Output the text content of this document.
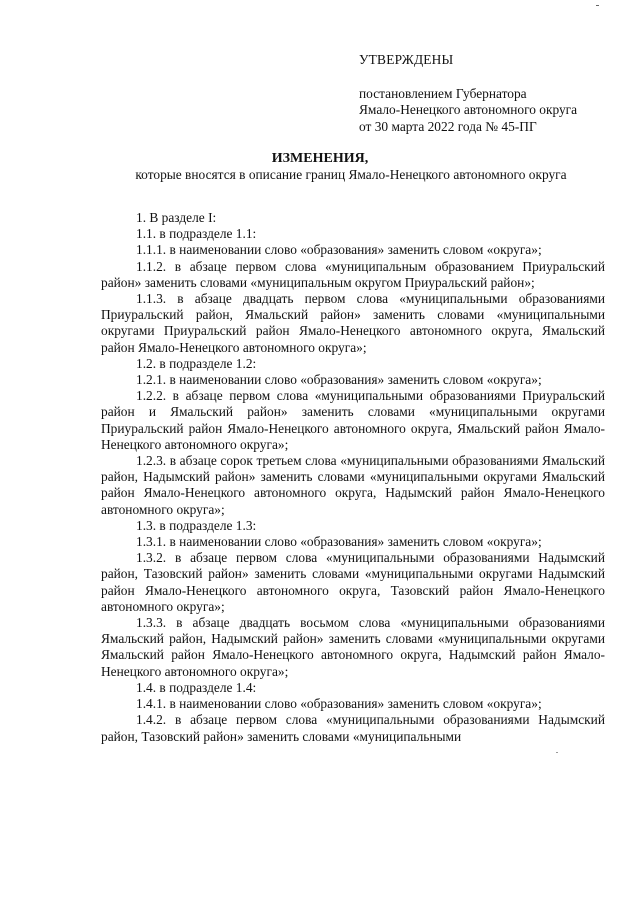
УТВЕРЖДЕНЫ
постановлением Губернатора
Ямало-Ненецкого автономного округа
от 30 марта 2022 года № 45-ПГ
ИЗМЕНЕНИЯ,
которые вносятся в описание границ Ямало-Ненецкого автономного округа

1. В разделе I:

1.1. в подразделе 1.1:

1.1.1. в наименовании слово «образования» заменить словом «округа»;

1.1.2. в абзаце первом слова «муниципальным образованием Приуральский район» заменить словами «муниципальным округом Приуральский район»;

1.1.3. в абзаце двадцать первом слова «муниципальными образованиями Приуральский район, Ямальский район» заменить словами «муниципальными округами Приуральский район Ямало-Ненецкого автономного округа, Ямальский район Ямало-Ненецкого автономного округа»;

1.2. в подразделе 1.2:

1.2.1. в наименовании слово «образования» заменить словом «округа»;

1.2.2. в абзаце первом слова «муниципальными образованиями Приуральский район и Ямальский район» заменить словами «муниципальными округами Приуральский район Ямало-Ненецкого автономного округа, Ямальский район Ямало-Ненецкого автономного округа»;

1.2.3. в абзаце сорок третьем слова «муниципальными образованиями Ямальский район, Надымский район» заменить словами «муниципальными округами Ямальский район Ямало-Ненецкого автономного округа, Надымский район Ямало-Ненецкого автономного округа»;

1.3. в подразделе 1.3:

1.3.1. в наименовании слово «образования» заменить словом «округа»;

1.3.2. в абзаце первом слова «муниципальными образованиями Надымский район, Тазовский район» заменить словами «муниципальными округами Надымский район Ямало-Ненецкого автономного округа, Тазовский район Ямало-Ненецкого автономного округа»;

1.3.3. в абзаце двадцать восьмом слова «муниципальными образованиями Ямальский район, Надымский район» заменить словами «муниципальными округами Ямальский район Ямало-Ненецкого автономного округа, Надымский район Ямало-Ненецкого автономного округа»;

1.4. в подразделе 1.4:

1.4.1. в наименовании слово «образования» заменить словом «округа»;

1.4.2. в абзаце первом слова «муниципальными образованиями Надымский район, Тазовский район» заменить словами «муниципальными
